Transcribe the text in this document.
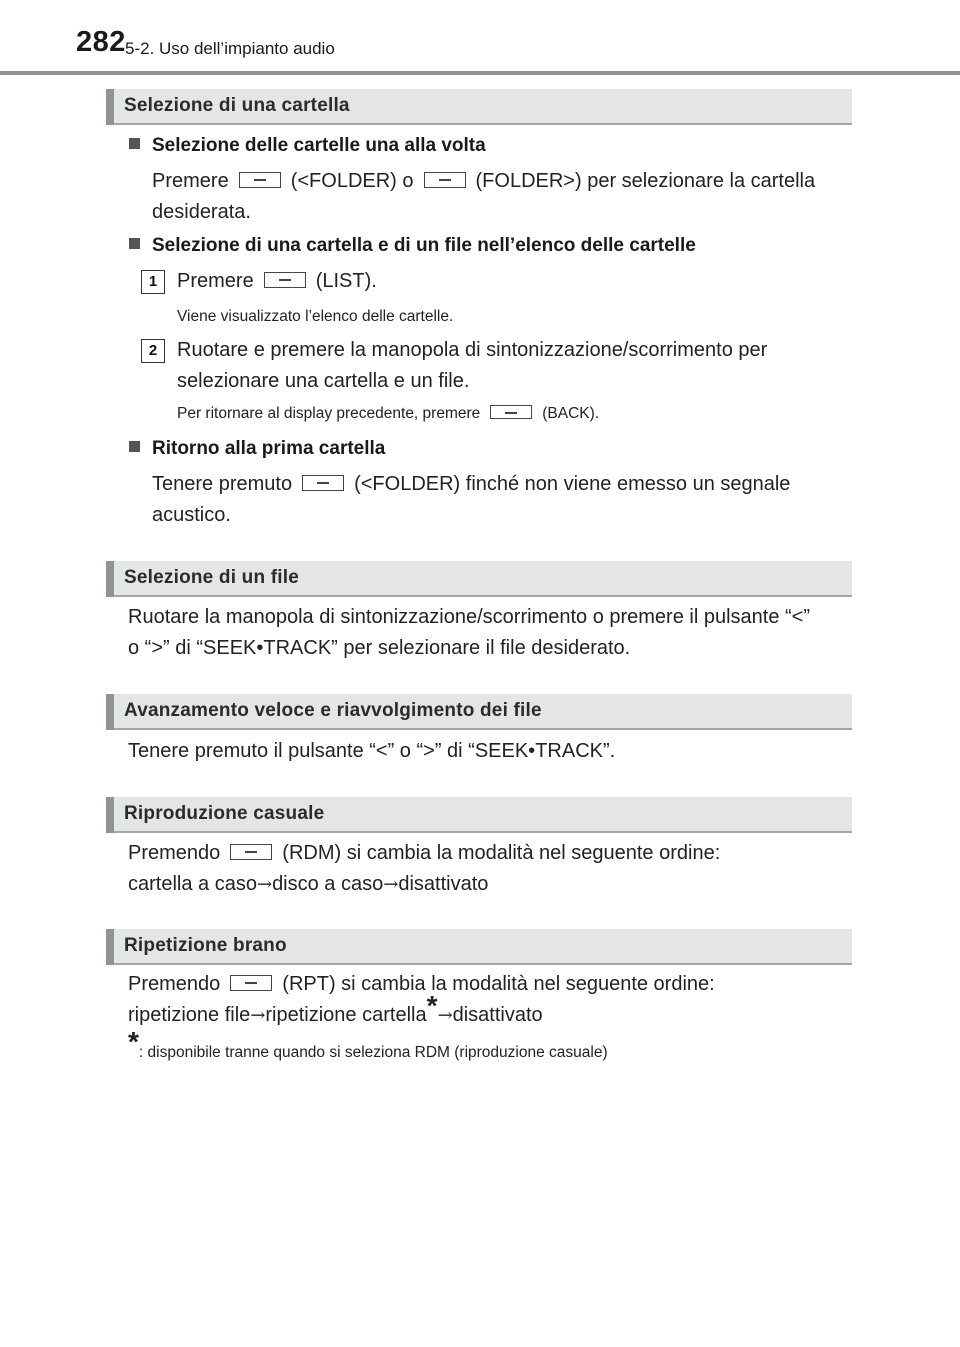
282 5-2. Uso dell’impianto audio
Selezione di una cartella
Selezione delle cartelle una alla volta
Premere	(<FOLDER) o	(FOLDER>) per selezionare la cartella
desiderata.
Selezione di una cartella e di un file nell’elenco delle cartelle
1 Premere	(LIST).
Viene visualizzato l’elenco delle cartelle.
2 Ruotare e premere la manopola di sintonizzazione/scorrimento per
selezionare una cartella e un file.
Per ritornare al display precedente, premere	(BACK).
Ritorno alla prima cartella
Tenere premuto	(<FOLDER) finché non viene emesso un segnale
acustico.
Selezione di un file
Ruotare la manopola di sintonizzazione/scorrimento o premere il pulsante “<”
o “>” di “SEEK•TRACK” per selezionare il file desiderato.
Avanzamento veloce e riavvolgimento dei file
Tenere premuto il pulsante “<” o “>” di “SEEK•TRACK”.
Riproduzione casuale
Premendo	(RDM) si cambia la modalità nel seguente ordine:
cartella a caso→disco a caso→disattivato
Ripetizione brano
Premendo	(RPT) si cambia la modalità nel seguente ordine:
ripetizione file→ripetizione cartella*→disattivato
*: disponibile tranne quando si seleziona RDM (riproduzione casuale)
